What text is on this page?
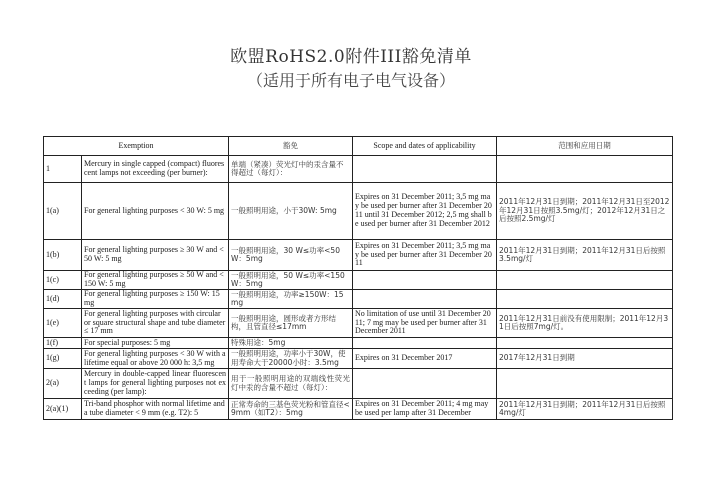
欧盟RoHS2.0附件III豁免清单
（适用于所有电子电气设备）
Exemption		豁免	Scope and dates of applicability	范围和应用日期
1	Mercury in single capped (compact) fluorescent lamps not exceeding (per burner):	单端（紧凑）荧光灯中的汞含量不得超过（每灯）：		
1(a)	For general lighting purposes < 30 W: 5 mg	一般照明用途，小于30W: 5mg	Expires on 31 December 2011; 3,5 mg may be used per burner after 31 December 2011 until 31 December 2012; 2,5 mg shall be used per burner after 31 December 2012	2011年12月31日到期；2011年12月31日至2012年12月31日按照3.5mg/灯；2012年12月31日之后按照2.5mg/灯
1(b)	For general lighting purposes ≥ 30 W and < 50 W: 5 mg	一般照明用途，30 W≤功率<50W：5mg	Expires on 31 December 2011; 3,5 mg may be used per burner after 31 December 2011	2011年12月31日到期；2011年12月31日后按照3.5mg/灯
1(c)	For general lighting purposes ≥ 50 W and < 150 W: 5 mg	一般照明用途，50 W≤功率<150W：5mg		
1(d)	For general lighting purposes ≥ 150 W: 15 mg	一般照明用途，功率≥150W：15mg		
1(e)	For general lighting purposes with circular or square structural shape and tube diameter ≤ 17 mm	一般照明用途，圆形或者方形结构，且管直径≤17mm	No limitation of use until 31 December 2011; 7 mg may be used per burner after 31 December 2011	2011年12月31日前没有使用限制；2011年12月31日后按照7mg/灯。
1(f)	For special purposes: 5 mg	特殊用途：5mg		
1(g)	For general lighting purposes < 30 W with a lifetime equal or above 20 000 h: 3,5 mg	一般照明用途，功率小于30W，使用寿命大于20000小时：3.5mg	Expires on 31 December 2017	2017年12月31日到期
2(a)	Mercury in double-capped linear fluorescent lamps for general lighting purposes not exceeding (per lamp):	用于一般照明用途的双端线性荧光灯中汞的含量不超过（每灯）：		
2(a)(1)	Tri-band phosphor with normal lifetime and a tube diameter < 9 mm (e.g. T2): 5	正常寿命的三基色荧光粉和管直径<9mm（如T2）：5mg	Expires on 31 December 2011; 4 mg may be used per lamp after 31 December	2011年12月31日到期；2011年12月31日后按照4mg/灯
